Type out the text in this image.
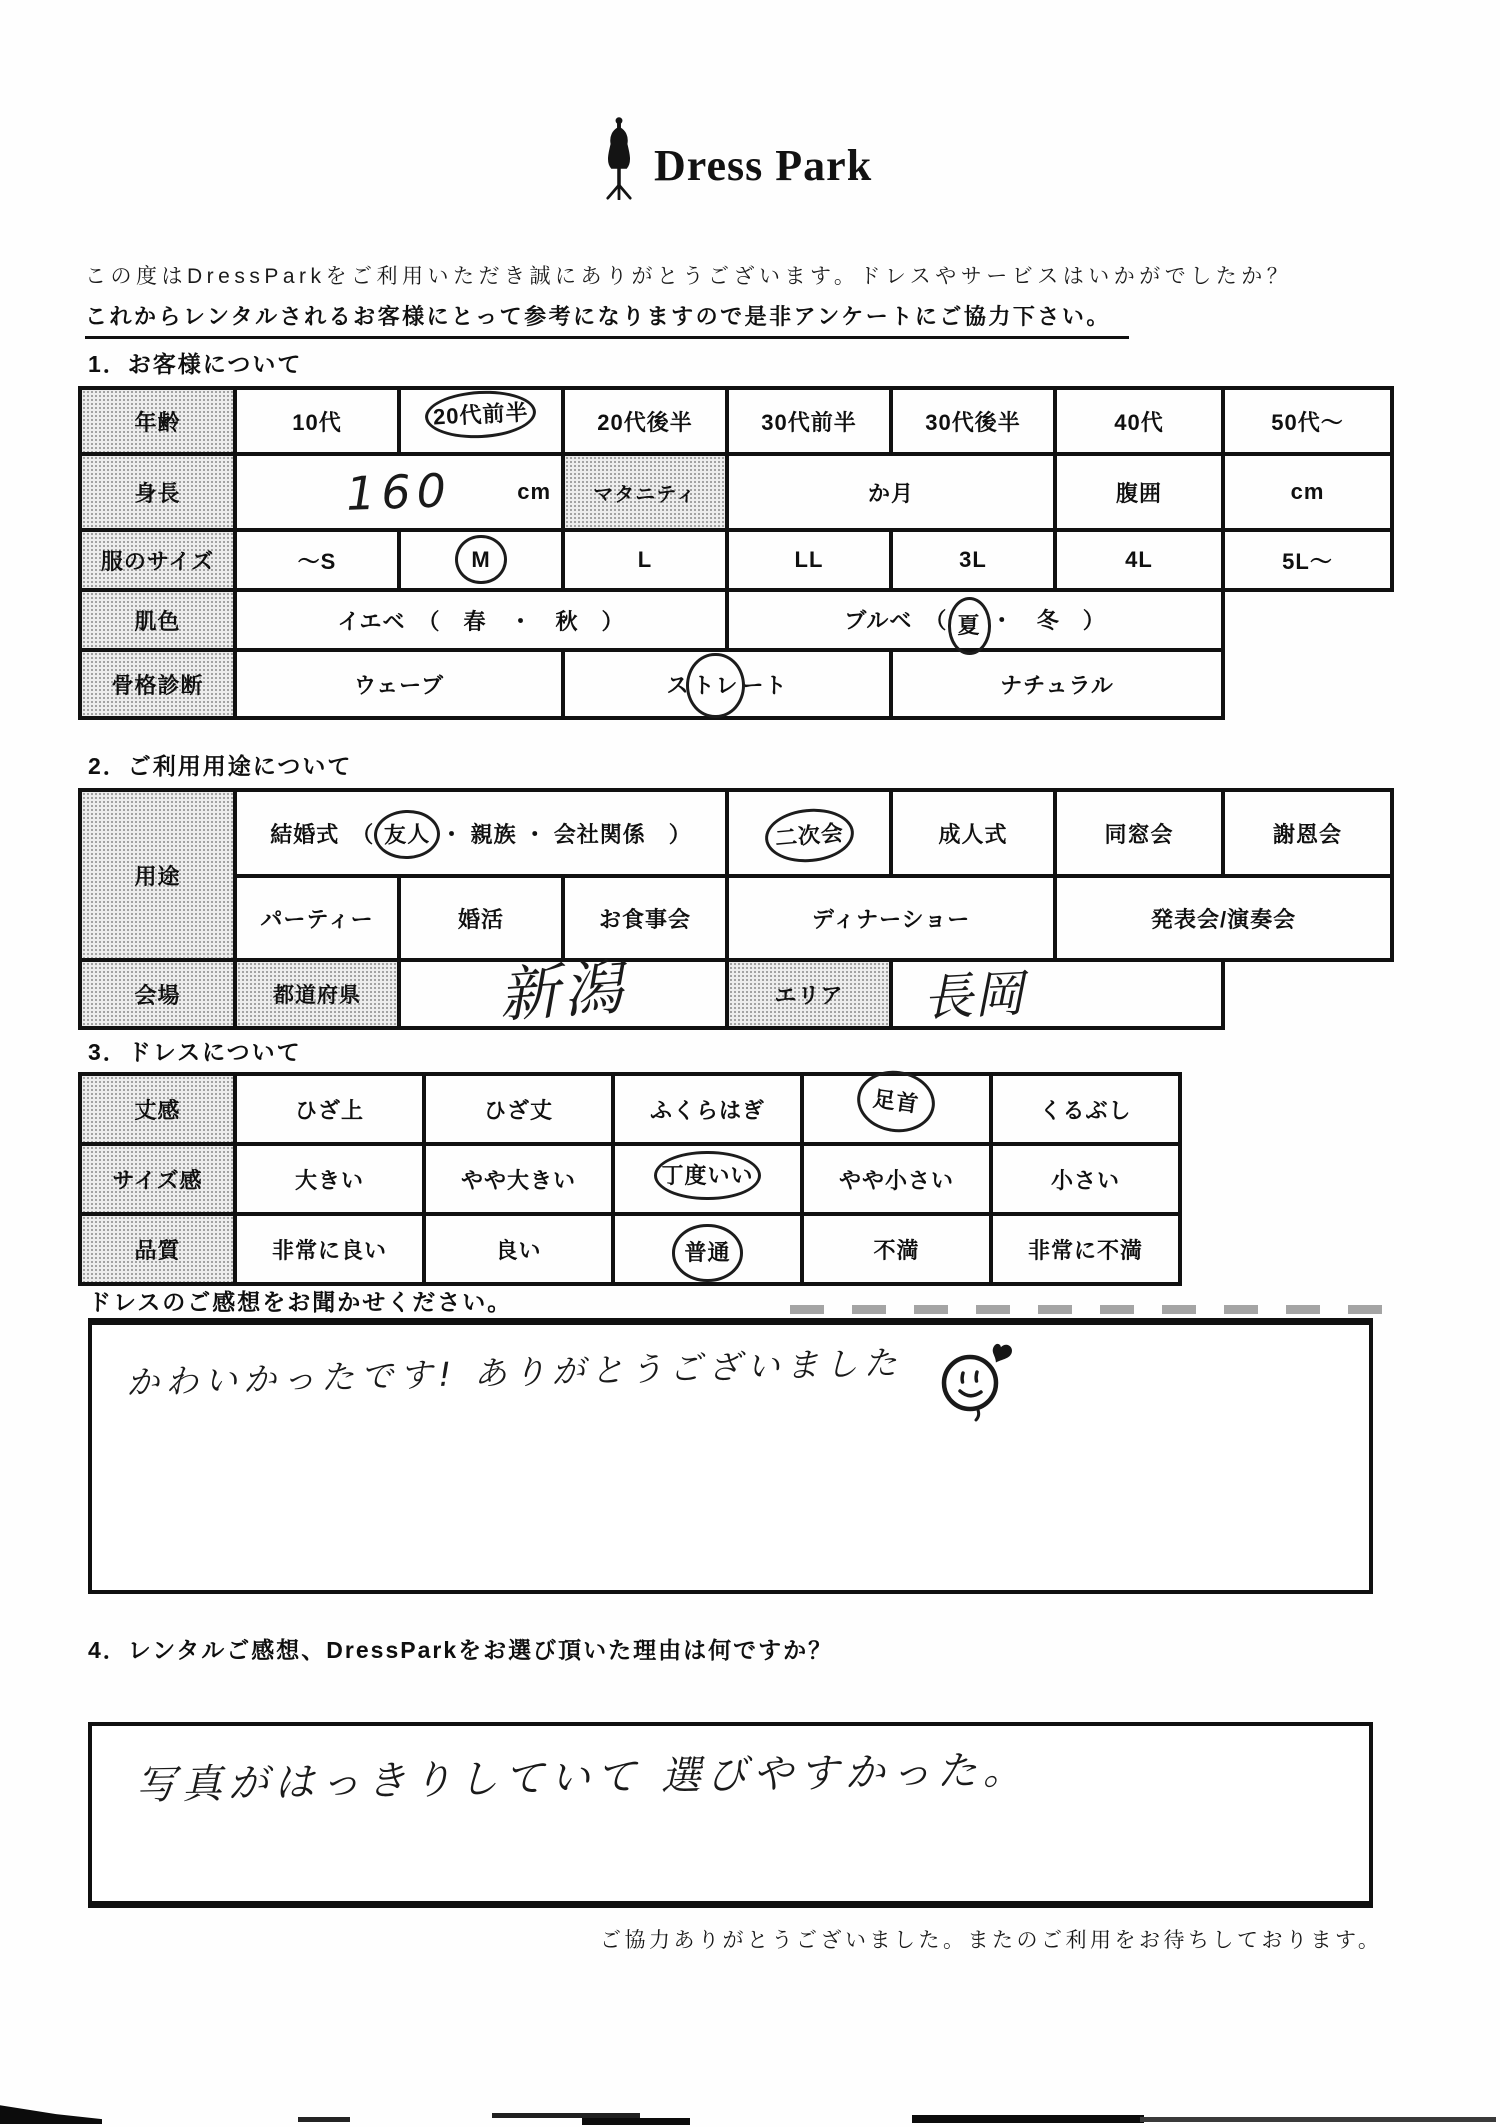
Dress Park
この度はDressParkをご利用いただき誠にありがとうございます。ドレスやサービスはいかがでしたか？
これからレンタルされるお客様にとって参考になりますので是非アンケートにご協力下さい。
1．お客様について
年齢	10代	20代前半	20代後半	30代前半	30代後半	40代	50代～
身長	160 cm		マタニティ	か月		腹囲	cm
服のサイズ	～S	M	L	LL	3L	4L	5L～
肌色	イエベ　（　春　・　秋　）			ブルベ　（ 夏 ・　冬　）			
骨格診断	ウェーブ		ス トレ ート		ナチュラル		
2．ご利用用途について
用途	結婚式　（ 友人 ・ 親族 ・ 会社関係　）			二次会	成人式	同窓会	謝恩会
	パーティー	婚活	お食事会	ディナーショー		発表会/演奏会	
会場	都道府県	新潟		エリア	長岡		
3．ドレスについて
丈感	ひざ上	ひざ丈	ふくらはぎ	足首	くるぶし
サイズ感	大きい	やや大きい	丁度いい	やや小さい	小さい
品質	非常に良い	良い	普通	不満	非常に不満
ドレスのご感想をお聞かせください。
かわいかったです! ありがとうございました
4．レンタルご感想、DressParkをお選び頂いた理由は何ですか？
写真がはっきりしていて 選びやすかった。
ご協力ありがとうございました。またのご利用をお待ちしております。
